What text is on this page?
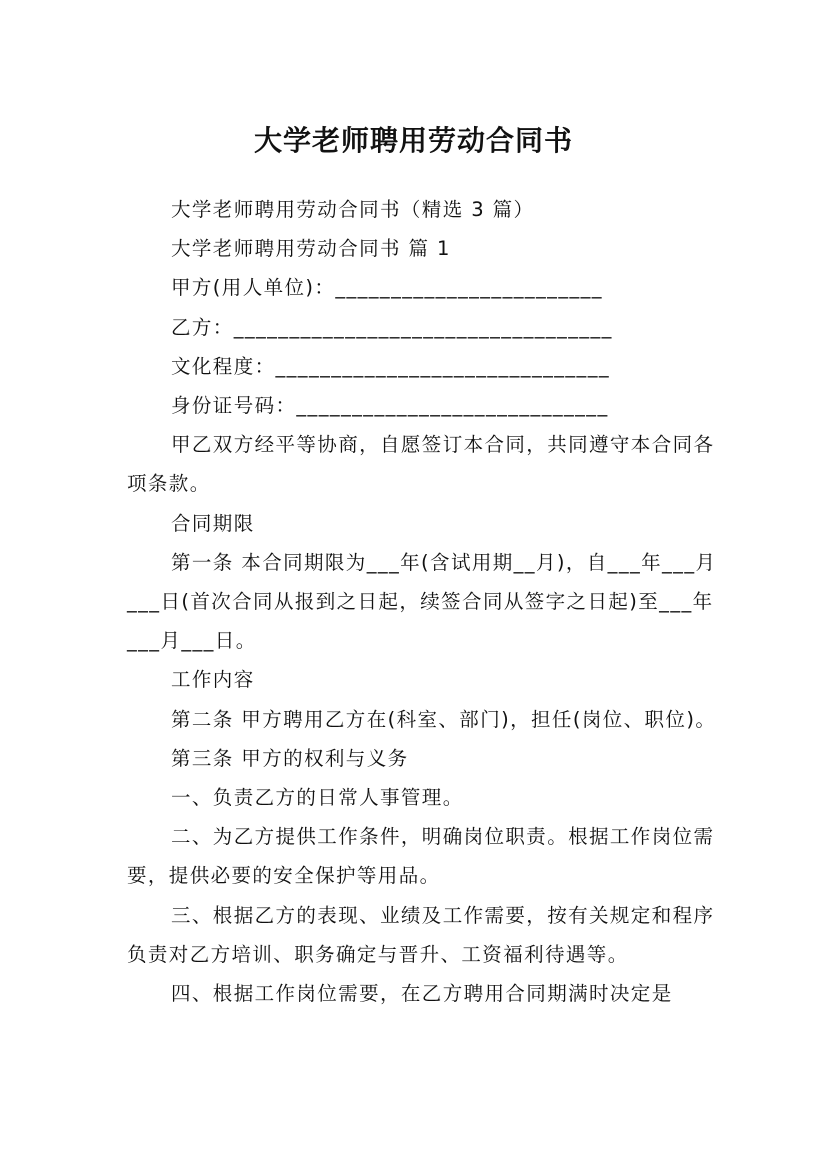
大学老师聘用劳动合同书

大学老师聘用劳动合同书（精选 3 篇）

大学老师聘用劳动合同书 篇 1

甲方(用人单位)：________________________

乙方：__________________________________

文化程度：______________________________

身份证号码：____________________________

甲乙双方经平等协商，自愿签订本合同，共同遵守本合同各项条款。

合同期限

第一条 本合同期限为___年(含试用期__月)，自___年___月___日(首次合同从报到之日起，续签合同从签字之日起)至___年___月___日。

工作内容

第二条 甲方聘用乙方在(科室、部门)，担任(岗位、职位)。

第三条 甲方的权利与义务

一、负责乙方的日常人事管理。

二、为乙方提供工作条件，明确岗位职责。根据工作岗位需要，提供必要的安全保护等用品。

三、根据乙方的表现、业绩及工作需要，按有关规定和程序负责对乙方培训、职务确定与晋升、工资福利待遇等。

四、根据工作岗位需要，在乙方聘用合同期满时决定是
